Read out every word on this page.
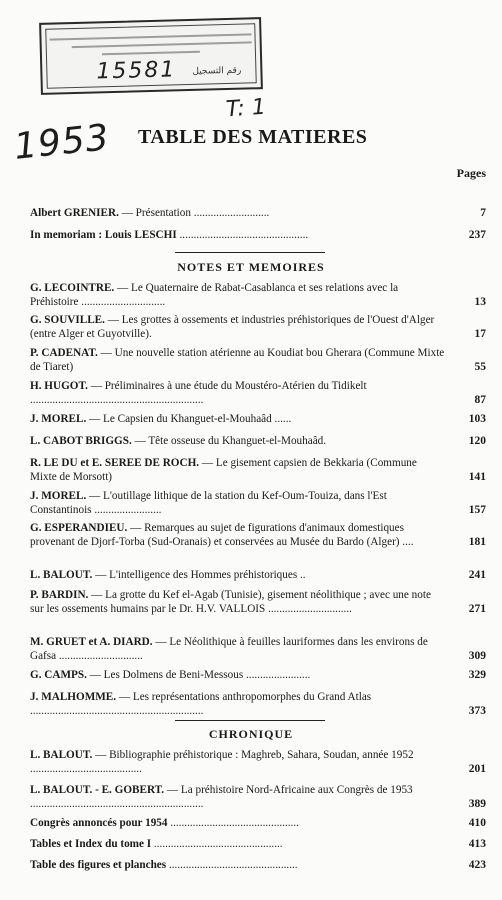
15581 رقم التسجيل
T: 1
1953 TABLE DES MATIERES
Pages
Albert GRENIER. — Présentation ...........................	7
In memoriam : Louis LESCHI ..............................................	237
NOTES ET MEMOIRES
G. LECOINTRE. — Le Quaternaire de Rabat-Casablanca et ses relations avec la Préhistoire ..............................	13
G. SOUVILLE. — Les grottes à ossements et industries préhistoriques de l'Ouest d'Alger (entre Alger et Guyotville).	17
P. CADENAT. — Une nouvelle station atérienne au Koudiat bou Gherara (Commune Mixte de Tiaret)	55
H. HUGOT. — Préliminaires à une étude du Moustéro-Atérien du Tidikelt ..............................................................	87
J. MOREL. — Le Capsien du Khanguet-el-Mouhaâd ......	103
L. CABOT BRIGGS. — Tête osseuse du Khanguet-el-Mouhaâd.	120
R. LE DU et E. SEREE DE ROCH. — Le gisement capsien de Bekkaria (Commune Mixte de Morsott)	141
J. MOREL. — L'outillage lithique de la station du Kef-Oum-Touiza, dans l'Est Constantinois ........................	157
G. ESPERANDIEU. — Remarques au sujet de figurations d'animaux domestiques provenant de Djorf-Torba (Sud-Oranais) et conservées au Musée du Bardo (Alger) ....	181
L. BALOUT. — L'intelligence des Hommes préhistoriques ..	241
P. BARDIN. — La grotte du Kef el-Agab (Tunisie), gisement néolithique ; avec une note sur les ossements humains par le Dr. H.V. VALLOIS ..............................	271
M. GRUET et A. DIARD. — Le Néolithique à feuilles lauriformes dans les environs de Gafsa ..............................	309
G. CAMPS. — Les Dolmens de Beni-Messous .......................	329
J. MALHOMME. — Les représentations anthropomorphes du Grand Atlas ..............................................................	373
CHRONIQUE
L. BALOUT. — Bibliographie préhistorique : Maghreb, Sahara, Soudan, année 1952 ........................................	201
L. BALOUT. - E. GOBERT. — La préhistoire Nord-Africaine aux Congrès de 1953 ..............................................................	389
Congrès annoncés pour 1954 ..............................................	410
Tables et Index du tome I ..............................................	413
Table des figures et planches ..............................................	423
